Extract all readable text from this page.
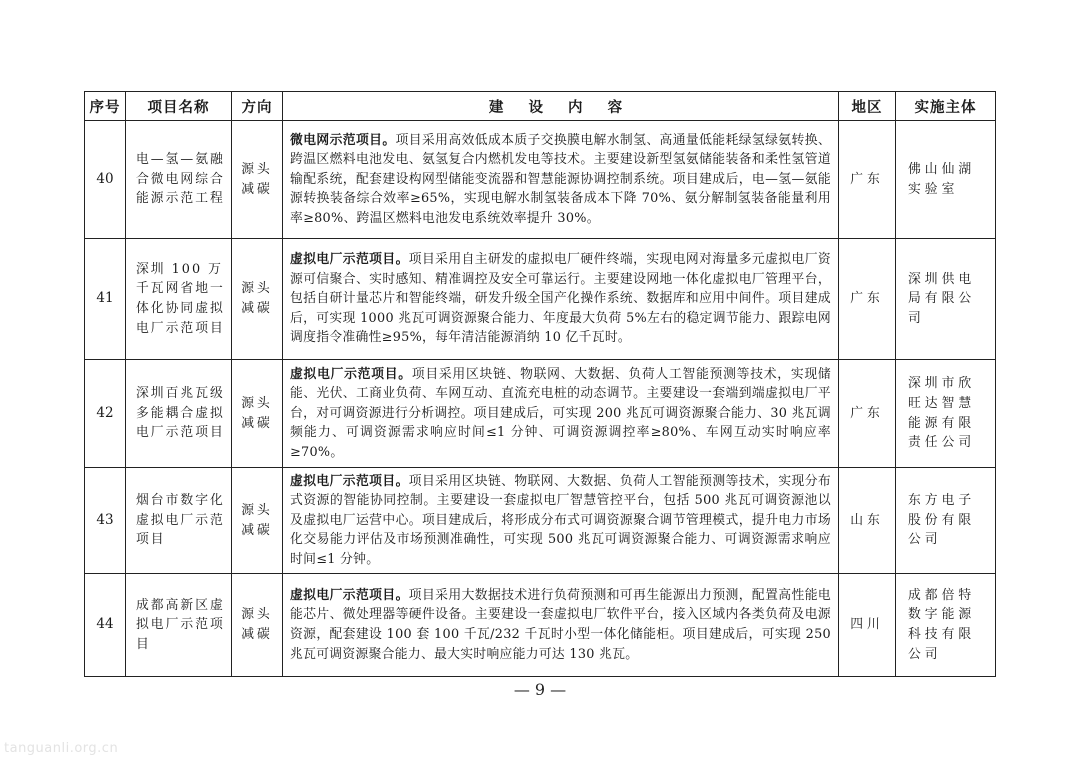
序号	项目名称	方向	建 设 内 容	地区	实施主体
40	电—氢—氨融合微电网综合能源示范工程	源头减碳	微电网示范项目。项目采用高效低成本质子交换膜电解水制氢、高通量低能耗绿氢绿氨转换、跨温区燃料电池发电、氨氢复合内燃机发电等技术。主要建设新型氢氨储能装备和柔性氢管道输配系统，配套建设构网型储能变流器和智慧能源协调控制系统。项目建成后，电—氢—氨能源转换装备综合效率≥65%，实现电解水制氢装备成本下降 70%、氨分解制氢装备能量利用率≥80%、跨温区燃料电池发电系统效率提升 30%。	广东	佛山仙湖实验室
41	深圳 100 万千瓦网省地一体化协同虚拟电厂示范项目	源头减碳	虚拟电厂示范项目。项目采用自主研发的虚拟电厂硬件终端，实现电网对海量多元虚拟电厂资源可信聚合、实时感知、精准调控及安全可靠运行。主要建设网地一体化虚拟电厂管理平台，包括自研计量芯片和智能终端，研发升级全国产化操作系统、数据库和应用中间件。项目建成后，可实现 1000 兆瓦可调资源聚合能力、年度最大负荷 5%左右的稳定调节能力、跟踪电网调度指令准确性≥95%，每年清洁能源消纳 10 亿千瓦时。	广东	深圳供电局有限公司
42	深圳百兆瓦级多能耦合虚拟电厂示范项目	源头减碳	虚拟电厂示范项目。项目采用区块链、物联网、大数据、负荷人工智能预测等技术，实现储能、光伏、工商业负荷、车网互动、直流充电桩的动态调节。主要建设一套端到端虚拟电厂平台，对可调资源进行分析调控。项目建成后，可实现 200 兆瓦可调资源聚合能力、30 兆瓦调频能力、可调资源需求响应时间≤1 分钟、可调资源调控率≥80%、车网互动实时响应率≥70%。	广东	深圳市欣旺达智慧能源有限责任公司
43	烟台市数字化虚拟电厂示范项目	源头减碳	虚拟电厂示范项目。项目采用区块链、物联网、大数据、负荷人工智能预测等技术，实现分布式资源的智能协同控制。主要建设一套虚拟电厂智慧管控平台，包括 500 兆瓦可调资源池以及虚拟电厂运营中心。项目建成后，将形成分布式可调资源聚合调节管理模式，提升电力市场化交易能力评估及市场预测准确性，可实现 500 兆瓦可调资源聚合能力、可调资源需求响应时间≤1 分钟。	山东	东方电子股份有限公司
44	成都高新区虚拟电厂示范项目	源头减碳	虚拟电厂示范项目。项目采用大数据技术进行负荷预测和可再生能源出力预测，配置高性能电能芯片、微处理器等硬件设备。主要建设一套虚拟电厂软件平台，接入区域内各类负荷及电源资源，配套建设 100 套 100 千瓦/232 千瓦时小型一体化储能柜。项目建成后，可实现 250 兆瓦可调资源聚合能力、最大实时响应能力可达 130 兆瓦。	四川	成都倍特数字能源科技有限公司
— 9 —
tanguanli.org.cn
